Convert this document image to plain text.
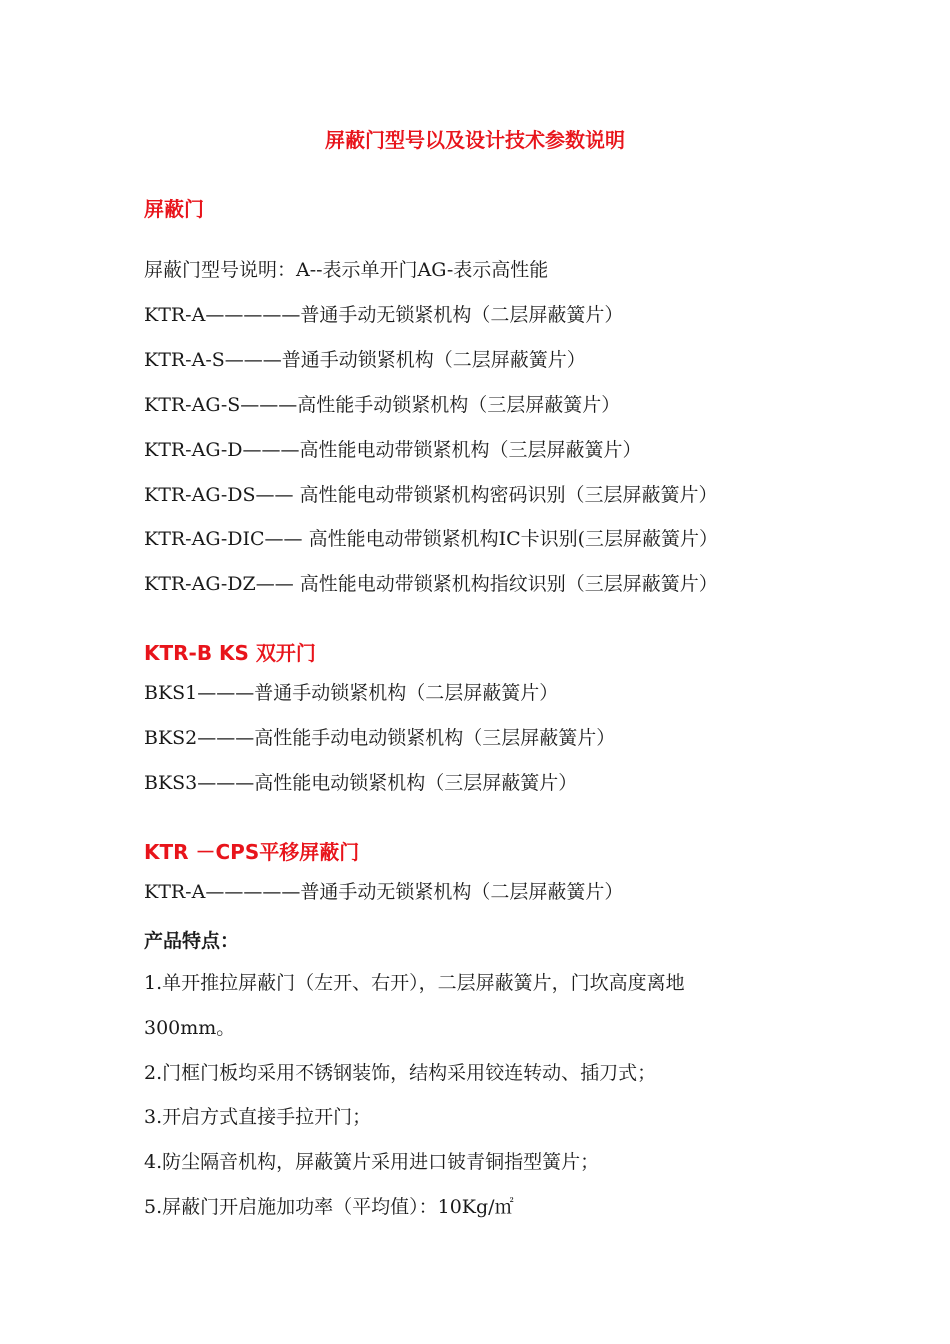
屏蔽门型号以及设计技术参数说明
屏蔽门
屏蔽门型号说明：A--表示单开门AG-表示高性能
KTR-A—————普通手动无锁紧机构（二层屏蔽簧片）
KTR-A-S———普通手动锁紧机构（二层屏蔽簧片）
KTR-AG-S———高性能手动锁紧机构（三层屏蔽簧片）
KTR-AG-D———高性能电动带锁紧机构（三层屏蔽簧片）
KTR-AG-DS—— 高性能电动带锁紧机构密码识别（三层屏蔽簧片）
KTR-AG-DIC—— 高性能电动带锁紧机构IC卡识别(三层屏蔽簧片）
KTR-AG-DZ—— 高性能电动带锁紧机构指纹识别（三层屏蔽簧片）
KTR-B KS 双开门
BKS1———普通手动锁紧机构（二层屏蔽簧片）
BKS2———高性能手动电动锁紧机构（三层屏蔽簧片）
BKS3———高性能电动锁紧机构（三层屏蔽簧片）
KTR －CPS平移屏蔽门
KTR-A—————普通手动无锁紧机构（二层屏蔽簧片）
产品特点：
1.单开推拉屏蔽门（左开、右开），二层屏蔽簧片，门坎高度离地
300mm。
2.门框门板均采用不锈钢装饰，结构采用铰连转动、插刀式；
3.开启方式直接手拉开门；
4.防尘隔音机构，屏蔽簧片采用进口铍青铜指型簧片；
5.屏蔽门开启施加功率（平均值）：10Kg/㎡
